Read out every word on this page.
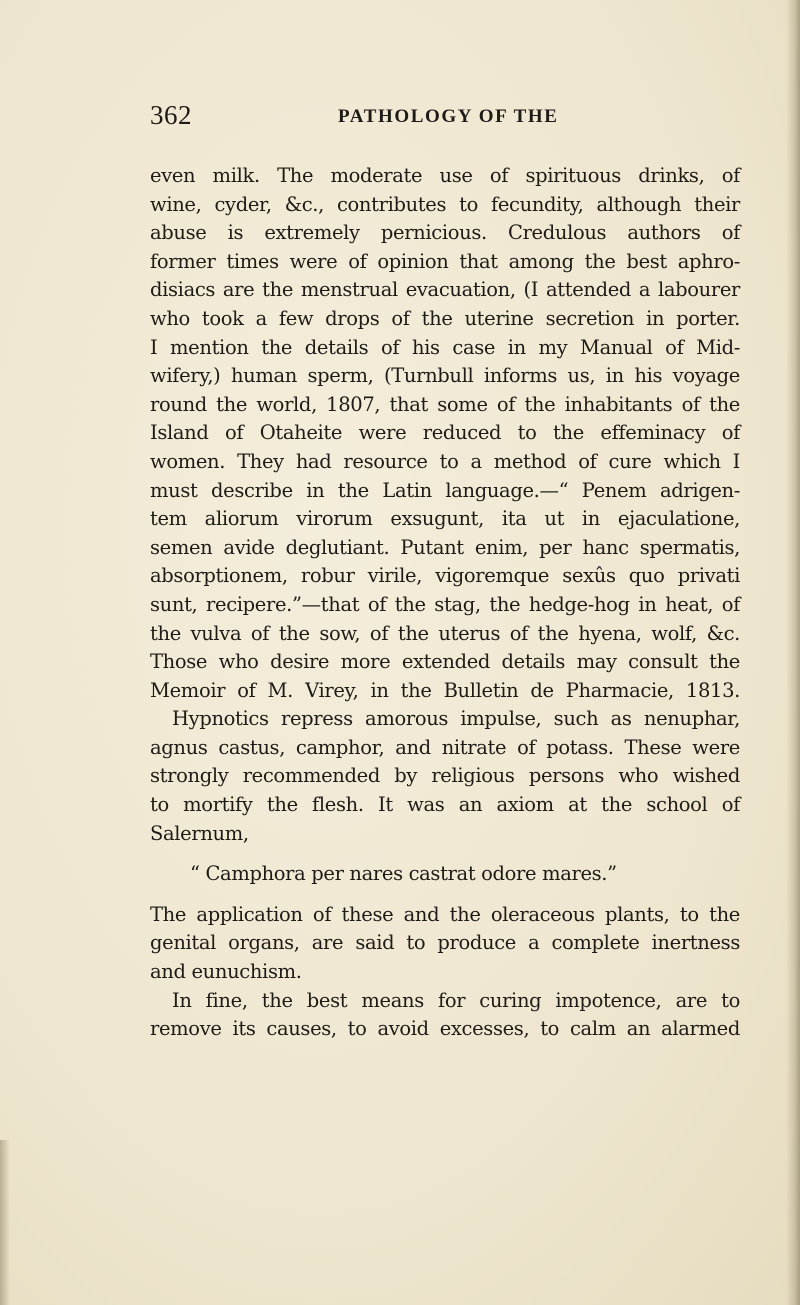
362	PATHOLOGY OF THE
even milk. The moderate use of spirituous drinks, of
wine, cyder, &c., contributes to fecundity, although their
abuse is extremely pernicious. Credulous authors of
former times were of opinion that among the best aphro-
disiacs are the menstrual evacuation, (I attended a labourer
who took a few drops of the uterine secretion in porter.
I mention the details of his case in my Manual of Mid-
wifery,) human sperm, (Turnbull informs us, in his voyage
round the world, 1807, that some of the inhabitants of the
Island of Otaheite were reduced to the effeminacy of
women. They had resource to a method of cure which I
must describe in the Latin language.—“ Penem adrigen-
tem aliorum virorum exsugunt, ita ut in ejaculatione,
semen avide deglutiant. Putant enim, per hanc spermatis,
absorptionem, robur virile, vigoremque sexûs quo privati
sunt, recipere.”—that of the stag, the hedge-hog in heat, of
the vulva of the sow, of the uterus of the hyena, wolf, &c.
Those who desire more extended details may consult the
Memoir of M. Virey, in the Bulletin de Pharmacie, 1813.
Hypnotics repress amorous impulse, such as nenuphar,
agnus castus, camphor, and nitrate of potass. These were
strongly recommended by religious persons who wished
to mortify the flesh. It was an axiom at the school of
Salernum,
“ Camphora per nares castrat odore mares.”
The application of these and the oleraceous plants, to the
genital organs, are said to produce a complete inertness
and eunuchism.
In fine, the best means for curing impotence, are to
remove its causes, to avoid excesses, to calm an alarmed
